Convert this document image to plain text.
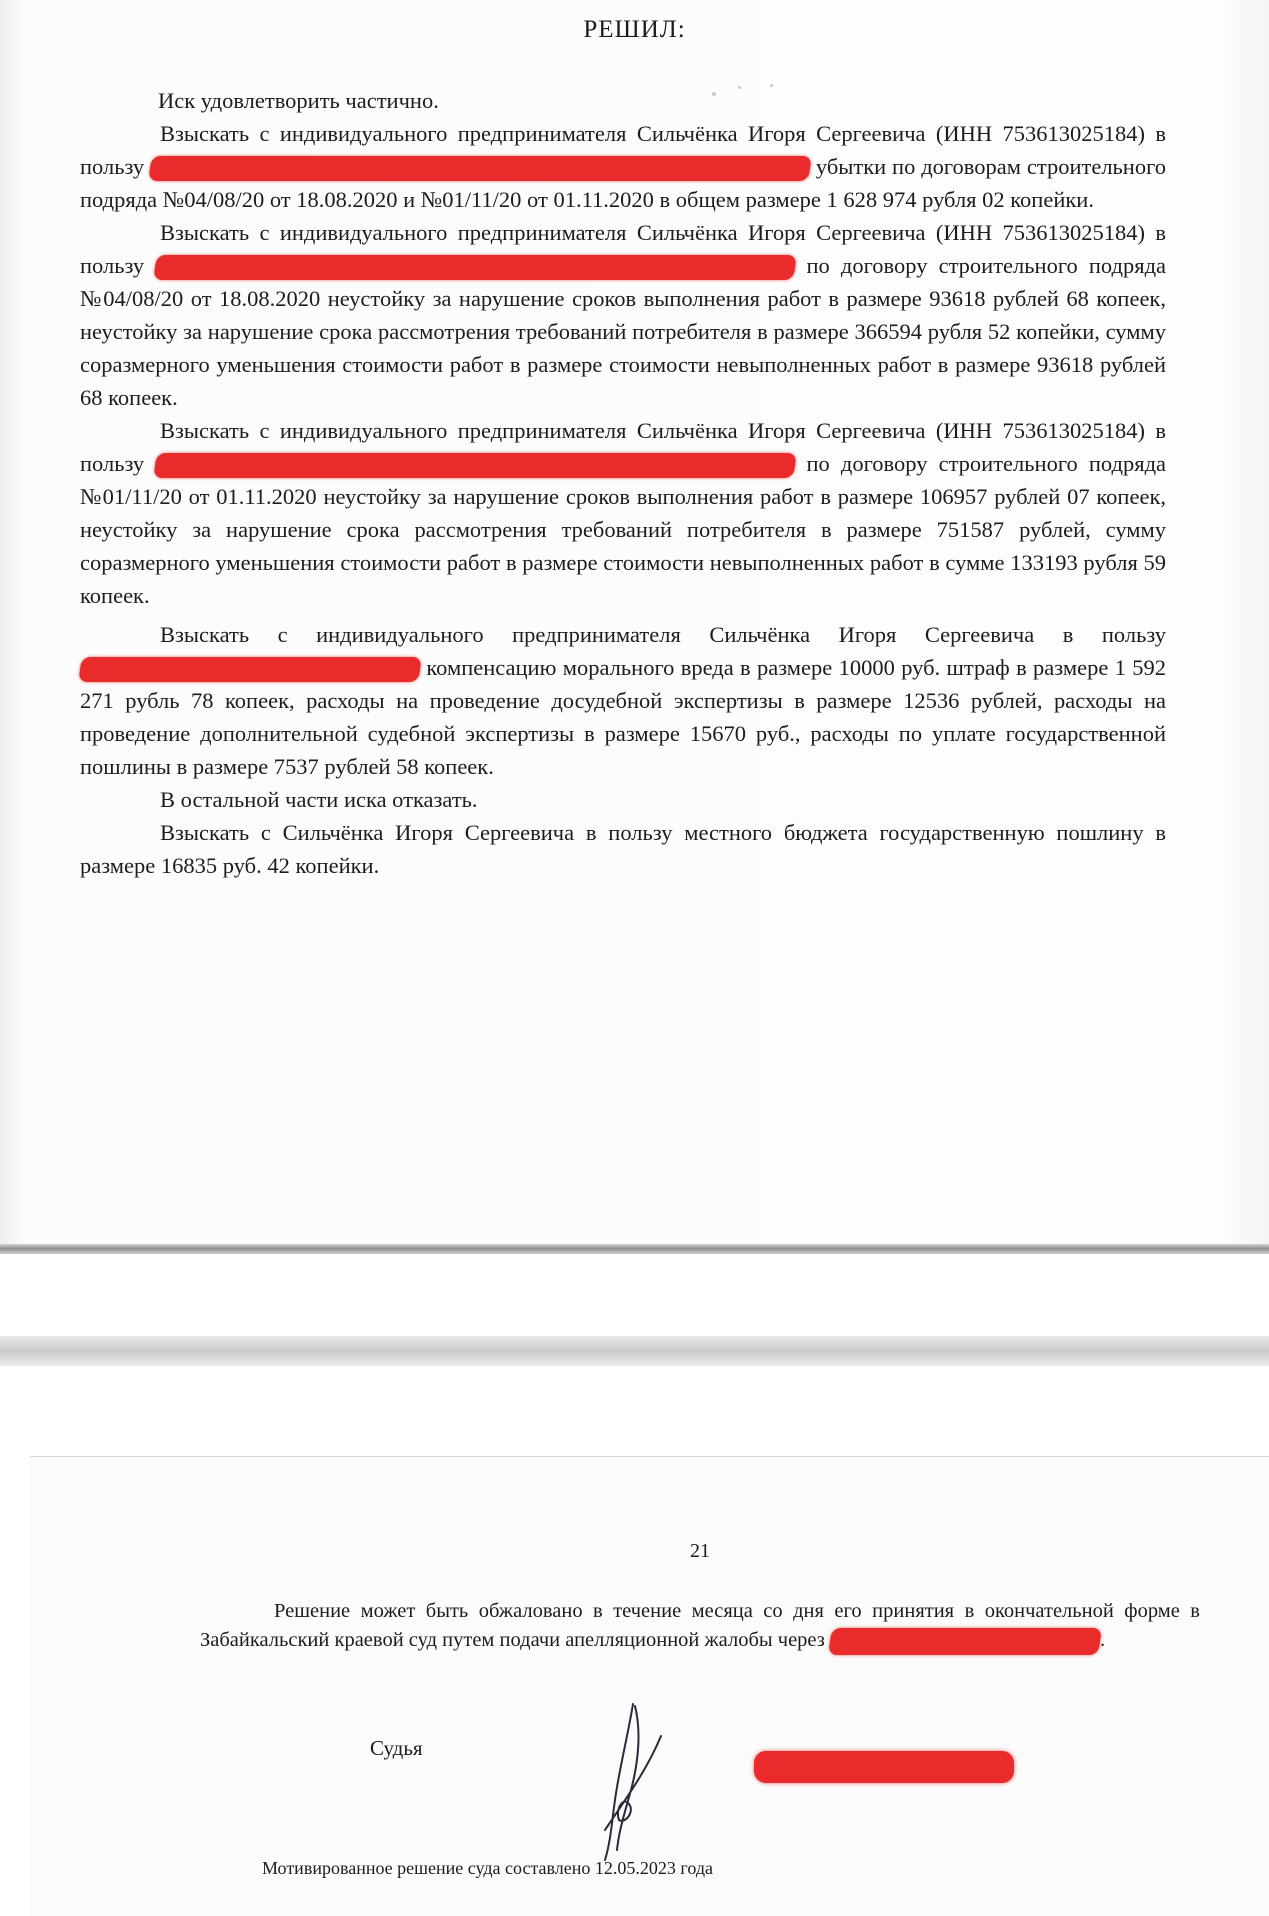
РЕШИЛ:

Иск удовлетворить частично.

Взыскать с индивидуального предпринимателя Сильчёнка Игоря Сергеевича (ИНН 753613025184) в пользу	убытки по договорам строительного подряда №04/08/20 от 18.08.2020 и №01/11/20 от 01.11.2020 в общем размере 1 628 974 рубля 02 копейки.

Взыскать с индивидуального предпринимателя Сильчёнка Игоря Сергеевича (ИНН 753613025184) в пользу	по договору строительного подряда №04/08/20 от 18.08.2020 неустойку за нарушение сроков выполнения работ в размере 93618 рублей 68 копеек, неустойку за нарушение срока рассмотрения требований потребителя в размере 366594 рубля 52 копейки, сумму соразмерного уменьшения стоимости работ в размере стоимости невыполненных работ в размере 93618 рублей 68 копеек.

Взыскать с индивидуального предпринимателя Сильчёнка Игоря Сергеевича (ИНН 753613025184) в пользу	по договору строительного подряда №01/11/20 от 01.11.2020 неустойку за нарушение сроков выполнения работ в размере 106957 рублей 07 копеек, неустойку за нарушение срока рассмотрения требований потребителя в размере 751587 рублей, сумму соразмерного уменьшения стоимости работ в размере стоимости невыполненных работ в сумме 133193 рубля 59 копеек.

Взыскать с индивидуального предпринимателя Сильчёнка Игоря Сергеевича в пользу  компенсацию морального вреда в размере 10000 руб. штраф в размере 1 592 271 рубль 78 копеек, расходы на проведение досудебной экспертизы в размере 12536 рублей, расходы на проведение дополнительной судебной экспертизы в размере 15670 руб., расходы по уплате государственной пошлины в размере 7537 рублей 58 копеек.

В остальной части иска отказать.

Взыскать с Сильчёнка Игоря Сергеевича в пользу местного бюджета государственную пошлину в размере 16835 руб. 42 копейки.

21

Решение может быть обжаловано в течение месяца со дня его принятия в окончательной форме в Забайкальский краевой суд путем подачи апелляционной жалобы через	.

Судья
Мотивированное решение суда составлено 12.05.2023 года
